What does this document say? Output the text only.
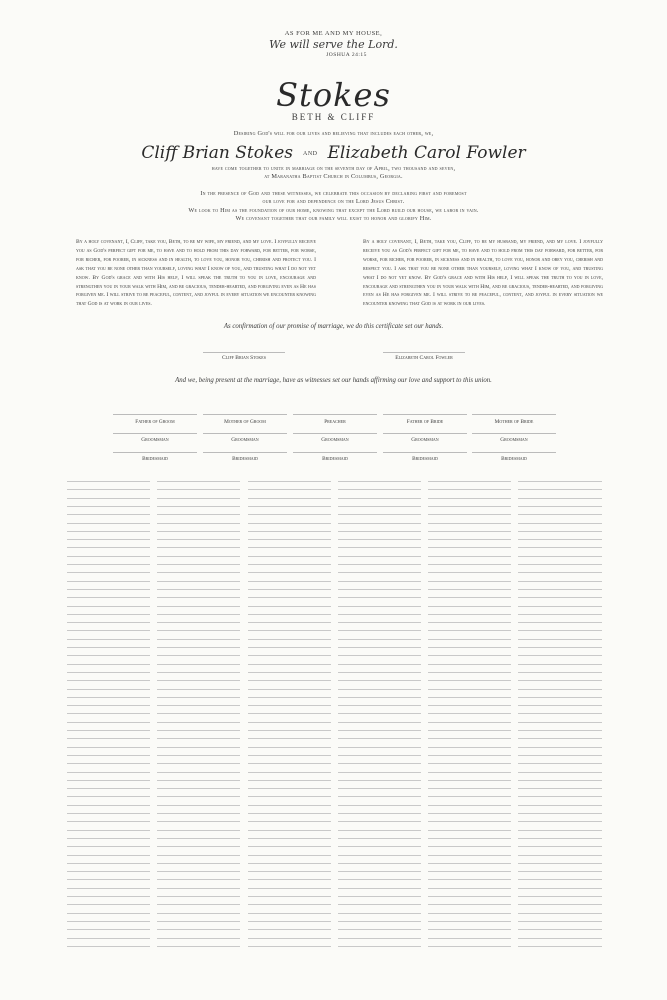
AS FOR ME AND MY HOUSE,
We will serve the Lord.
JOSHUA 24:15
Stokes
BETH & CLIFF
Desiring God's will for our lives and believing that includes each other, we,
Cliff Brian Stokes AND Elizabeth Carol Fowler
have come together to unite in marriage on the seventh day of April, two thousand and seven,
at Maranatha Baptist Church in Columbus, Georgia.
In the presence of God and these witnesses, we celebrate this occasion by declaring first and foremost
our love for and dependence on the Lord Jesus Christ.
We look to Him as the foundation of our home, knowing that except the Lord build our house, we labor in vain.
We covenant together that our family will exist to honor and glorify Him.
By a holy covenant, I, Cliff, take you, Beth, to be my wife, my friend, and my love. I joyfully receive you as God's perfect gift for me, to have and to hold from this day forward, for better, for worse, for richer, for poorer, in sickness and in health, to love you, honor you, cherish and protect you. I ask that you be none other than yourself, loving what I know of you, and trusting what I do not yet know. By God's grace and with His help, I will speak the truth to you in love, encourage and strengthen you in your walk with Him, and be gracious, tender-hearted, and forgiving even as He has forgiven me. I will strive to be peaceful, content, and joyful in every situation we encounter knowing that God is at work in our lives.
By a holy covenant, I, Beth, take you, Cliff, to be my husband, my friend, and my love. I joyfully receive you as God's perfect gift for me, to have and to hold from this day forward, for better, for worse, for richer, for poorer, in sickness and in health, to love you, honor and obey you, cherish and respect you. I ask that you be none other than yourself, loving what I know of you, and trusting what I do not yet know. By God's grace and with His help, I will speak the truth to you in love, encourage and strengthen you in your walk with Him, and be gracious, tender-hearted, and forgiving even as He has forgiven me. I will strive to be peaceful, content, and joyful in every situation we encounter knowing that God is at work in our lives.
As confirmation of our promise of marriage, we do this certificate set our hands.
Cliff Brian Stokes	Elizabeth Carol Fowler
And we, being present at the marriage, have as witnesses set our hands affirming our love and support to this union.
Father of Groom	Mother of Groom	Preacher	Father of Bride	Mother of Bride
Groomsman	Groomsman	Groomsman	Groomsman	Groomsman
Bridesmaid	Bridesmaid	Bridesmaid	Bridesmaid	Bridesmaid
